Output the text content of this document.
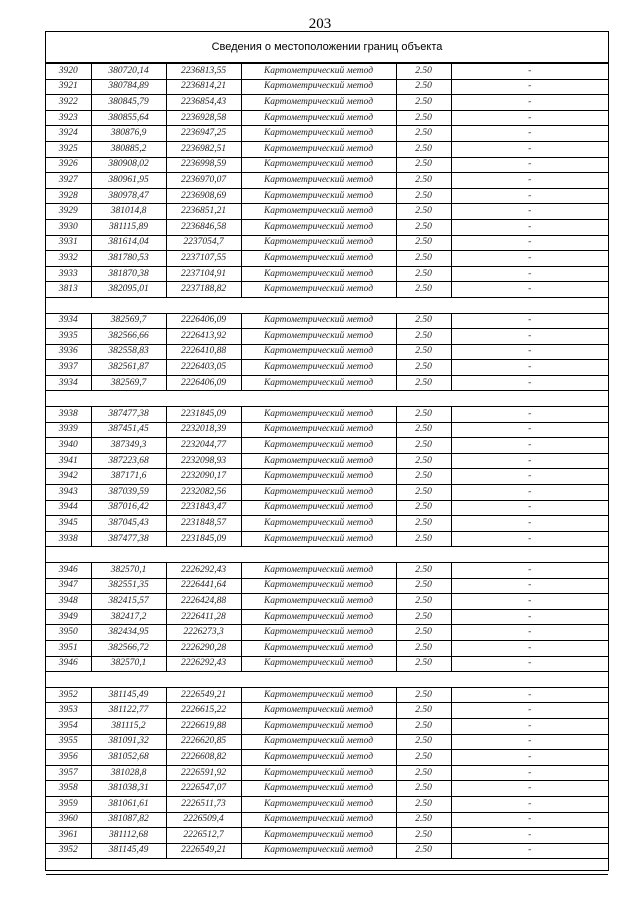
203
Сведения о местоположении границ объекта
3920	380720,14	2236813,55	Картометрический метод	2.50	-
3921	380784,89	2236814,21	Картометрический метод	2.50	-
3922	380845,79	2236854,43	Картометрический метод	2.50	-
3923	380855,64	2236928,58	Картометрический метод	2.50	-
3924	380876,9	2236947,25	Картометрический метод	2.50	-
3925	380885,2	2236982,51	Картометрический метод	2.50	-
3926	380908,02	2236998,59	Картометрический метод	2.50	-
3927	380961,95	2236970,07	Картометрический метод	2.50	-
3928	380978,47	2236908,69	Картометрический метод	2.50	-
3929	381014,8	2236851,21	Картометрический метод	2.50	-
3930	381115,89	2236846,58	Картометрический метод	2.50	-
3931	381614,04	2237054,7	Картометрический метод	2.50	-
3932	381780,53	2237107,55	Картометрический метод	2.50	-
3933	381870,38	2237104,91	Картометрический метод	2.50	-
3813	382095,01	2237188,82	Картометрический метод	2.50	-

3934	382569,7	2226406,09	Картометрический метод	2.50	-
3935	382566,66	2226413,92	Картометрический метод	2.50	-
3936	382558,83	2226410,88	Картометрический метод	2.50	-
3937	382561,87	2226403,05	Картометрический метод	2.50	-
3934	382569,7	2226406,09	Картометрический метод	2.50	-

3938	387477,38	2231845,09	Картометрический метод	2.50	-
3939	387451,45	2232018,39	Картометрический метод	2.50	-
3940	387349,3	2232044,77	Картометрический метод	2.50	-
3941	387223,68	2232098,93	Картометрический метод	2.50	-
3942	387171,6	2232090,17	Картометрический метод	2.50	-
3943	387039,59	2232082,56	Картометрический метод	2.50	-
3944	387016,42	2231843,47	Картометрический метод	2.50	-
3945	387045,43	2231848,57	Картометрический метод	2.50	-
3938	387477,38	2231845,09	Картометрический метод	2.50	-

3946	382570,1	2226292,43	Картометрический метод	2.50	-
3947	382551,35	2226441,64	Картометрический метод	2.50	-
3948	382415,57	2226424,88	Картометрический метод	2.50	-
3949	382417,2	2226411,28	Картометрический метод	2.50	-
3950	382434,95	2226273,3	Картометрический метод	2.50	-
3951	382566,72	2226290,28	Картометрический метод	2.50	-
3946	382570,1	2226292,43	Картометрический метод	2.50	-

3952	381145,49	2226549,21	Картометрический метод	2.50	-
3953	381122,77	2226615,22	Картометрический метод	2.50	-
3954	381115,2	2226619,88	Картометрический метод	2.50	-
3955	381091,32	2226620,85	Картометрический метод	2.50	-
3956	381052,68	2226608,82	Картометрический метод	2.50	-
3957	381028,8	2226591,92	Картометрический метод	2.50	-
3958	381038,31	2226547,07	Картометрический метод	2.50	-
3959	381061,61	2226511,73	Картометрический метод	2.50	-
3960	381087,82	2226509,4	Картометрический метод	2.50	-
3961	381112,68	2226512,7	Картометрический метод	2.50	-
3952	381145,49	2226549,21	Картометрический метод	2.50	-
